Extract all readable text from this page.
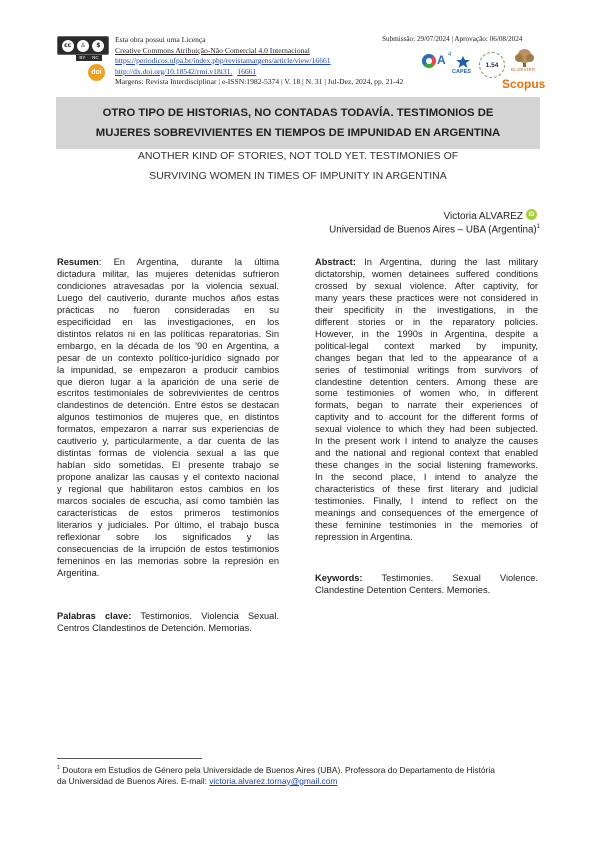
cc	♙	$
BY NC
doi
Esta obra possui uma Licença
Creative Commons Atribuição-Não Comercial 4.0 Internacional
https://periodicos.ufpa.br/index.php/revistamargens/article/view/16661
http://dx.doi.org/10.18542/rmi.v18i31. 16661
Margens: Revista Interdisciplinar | e-ISSN:1982-5374 | V. 18 | N. 31 | Jul-Dez, 2024, pp. 21-42
Submissão: 29/07/2024 | Aprovação: 06/08/2024
A 4
CAPES
1.54
ELSEVIER
Scopus
OTRO TIPO DE HISTORIAS, NO CONTADAS TODAVÍA. TESTIMONIOS DE
MUJERES SOBREVIVIENTES EN TIEMPOS DE IMPUNIDAD EN ARGENTINA
ANOTHER KIND OF STORIES, NOT TOLD YET. TESTIMONIES OF
SURVIVING WOMEN IN TIMES OF IMPUNITY IN ARGENTINA
Victoria ALVAREZ iD
Universidad de Buenos Aires – UBA (Argentina)$^1$
Resumen: En Argentina, durante la última
dictadura militar, las mujeres detenidas sufrieron
condiciones atravesadas por la violencia sexual.
Luego del cautiverio, durante muchos años estas
prácticas no fueron consideradas en su
especificidad en las investigaciones, en los
distintos relatos ni en las políticas reparatorias. Sin
embargo, en la década de los ’90 en Argentina, a
pesar de un contexto político-jurídico signado por
la impunidad, se empezaron a producir cambios
que dieron lugar a la aparición de una serie de
escritos testimoniales de sobrevivientes de centros
clandestinos de detención. Entre éstos se destacan
algunos testimonios de mujeres que, en distintos
formatos, empezaron a narrar sus experiencias de
cautiverio y, particularmente, a dar cuenta de las
distintas formas de violencia sexual a las que
habían sido sometidas. El presente trabajo se
propone analizar las causas y el contexto nacional
y regional que habilitaron estos cambios en los
marcos sociales de escucha, así como también las
características de estos primeros testimonios
literarios y judiciales. Por último, el trabajo busca
reflexionar sobre los significados y las
consecuencias de la irrupción de estos testimonios
femeninos en las memorias sobre la represión en
Argentina.
Palabras clave: Testimonios. Violencia Sexual.
Centros Clandestinos de Detención. Memorias.
Abstract: In Argentina, during the last military
dictatorship, women detainees suffered conditions
crossed by sexual violence. After captivity, for
many years these practices were not considered in
their specificity in the investigations, in the
different stories or in the reparatory policies.
However, in the 1990s in Argentina, despite a
political-legal context marked by impunity,
changes began that led to the appearance of a
series of testimonial writings from survivors of
clandestine detention centers. Among these are
some testimonies of women who, in different
formats, began to narrate their experiences of
captivity and to account for the different forms of
sexual violence to which they had been subjected.
In the present work I intend to analyze the causes
and the national and regional context that enabled
these changes in the social listening frameworks.
In the second place, I intend to analyze the
characteristics of these first literary and judicial
testimonies. Finally, I intend to reflect on the
meanings and consequences of the emergence of
these feminine testimonies in the memories of
repression in Argentina.
Keywords: Testimonies. Sexual Violence.
Clandestine Detention Centers. Memories.
$^1$ Doutora em Estudios de Género pela Universidade de Buenos Aires (UBA). Professora do Departamento de História
da Universidad de Buenos Aires. E-mail: victoria.alvarez.tornay@gmail.com
